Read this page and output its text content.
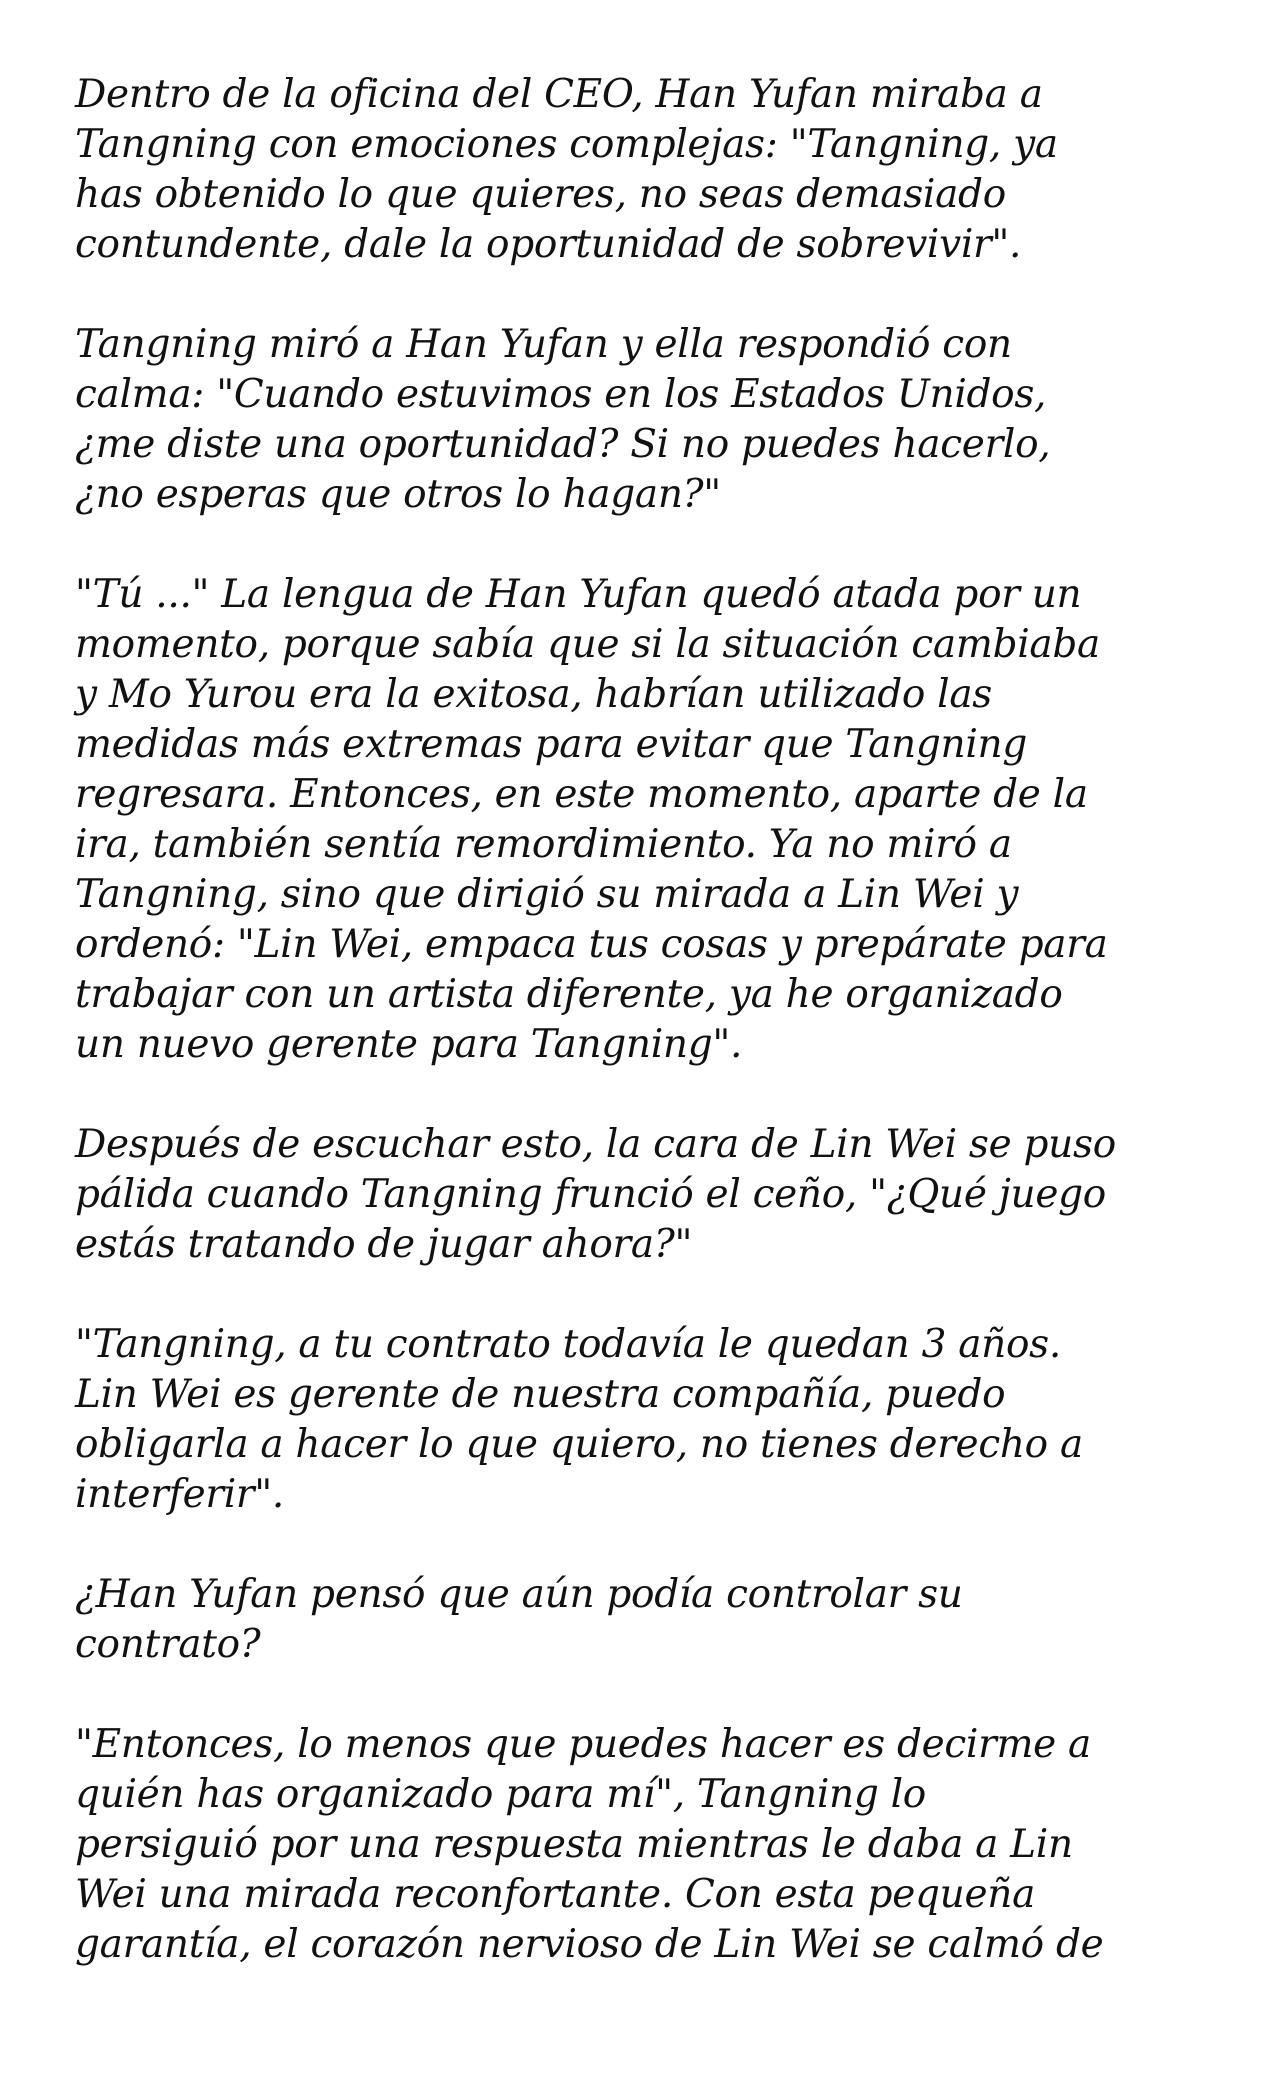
Dentro de la oficina del CEO, Han Yufan miraba a
Tangning con emociones complejas: "Tangning, ya
has obtenido lo que quieres, no seas demasiado
contundente, dale la oportunidad de sobrevivir".

Tangning miró a Han Yufan y ella respondió con
calma: "Cuando estuvimos en los Estados Unidos,
¿me diste una oportunidad? Si no puedes hacerlo,
¿no esperas que otros lo hagan?"

"Tú ..." La lengua de Han Yufan quedó atada por un
momento, porque sabía que si la situación cambiaba
y Mo Yurou era la exitosa, habrían utilizado las
medidas más extremas para evitar que Tangning
regresara. Entonces, en este momento, aparte de la
ira, también sentía remordimiento. Ya no miró a
Tangning, sino que dirigió su mirada a Lin Wei y
ordenó: "Lin Wei, empaca tus cosas y prepárate para
trabajar con un artista diferente, ya he organizado
un nuevo gerente para Tangning".

Después de escuchar esto, la cara de Lin Wei se puso
pálida cuando Tangning frunció el ceño, "¿Qué juego
estás tratando de jugar ahora?"

"Tangning, a tu contrato todavía le quedan 3 años.
Lin Wei es gerente de nuestra compañía, puedo
obligarla a hacer lo que quiero, no tienes derecho a
interferir".

¿Han Yufan pensó que aún podía controlar su
contrato?

"Entonces, lo menos que puedes hacer es decirme a
quién has organizado para mí", Tangning lo
persiguió por una respuesta mientras le daba a Lin
Wei una mirada reconfortante. Con esta pequeña
garantía, el corazón nervioso de Lin Wei se calmó de
